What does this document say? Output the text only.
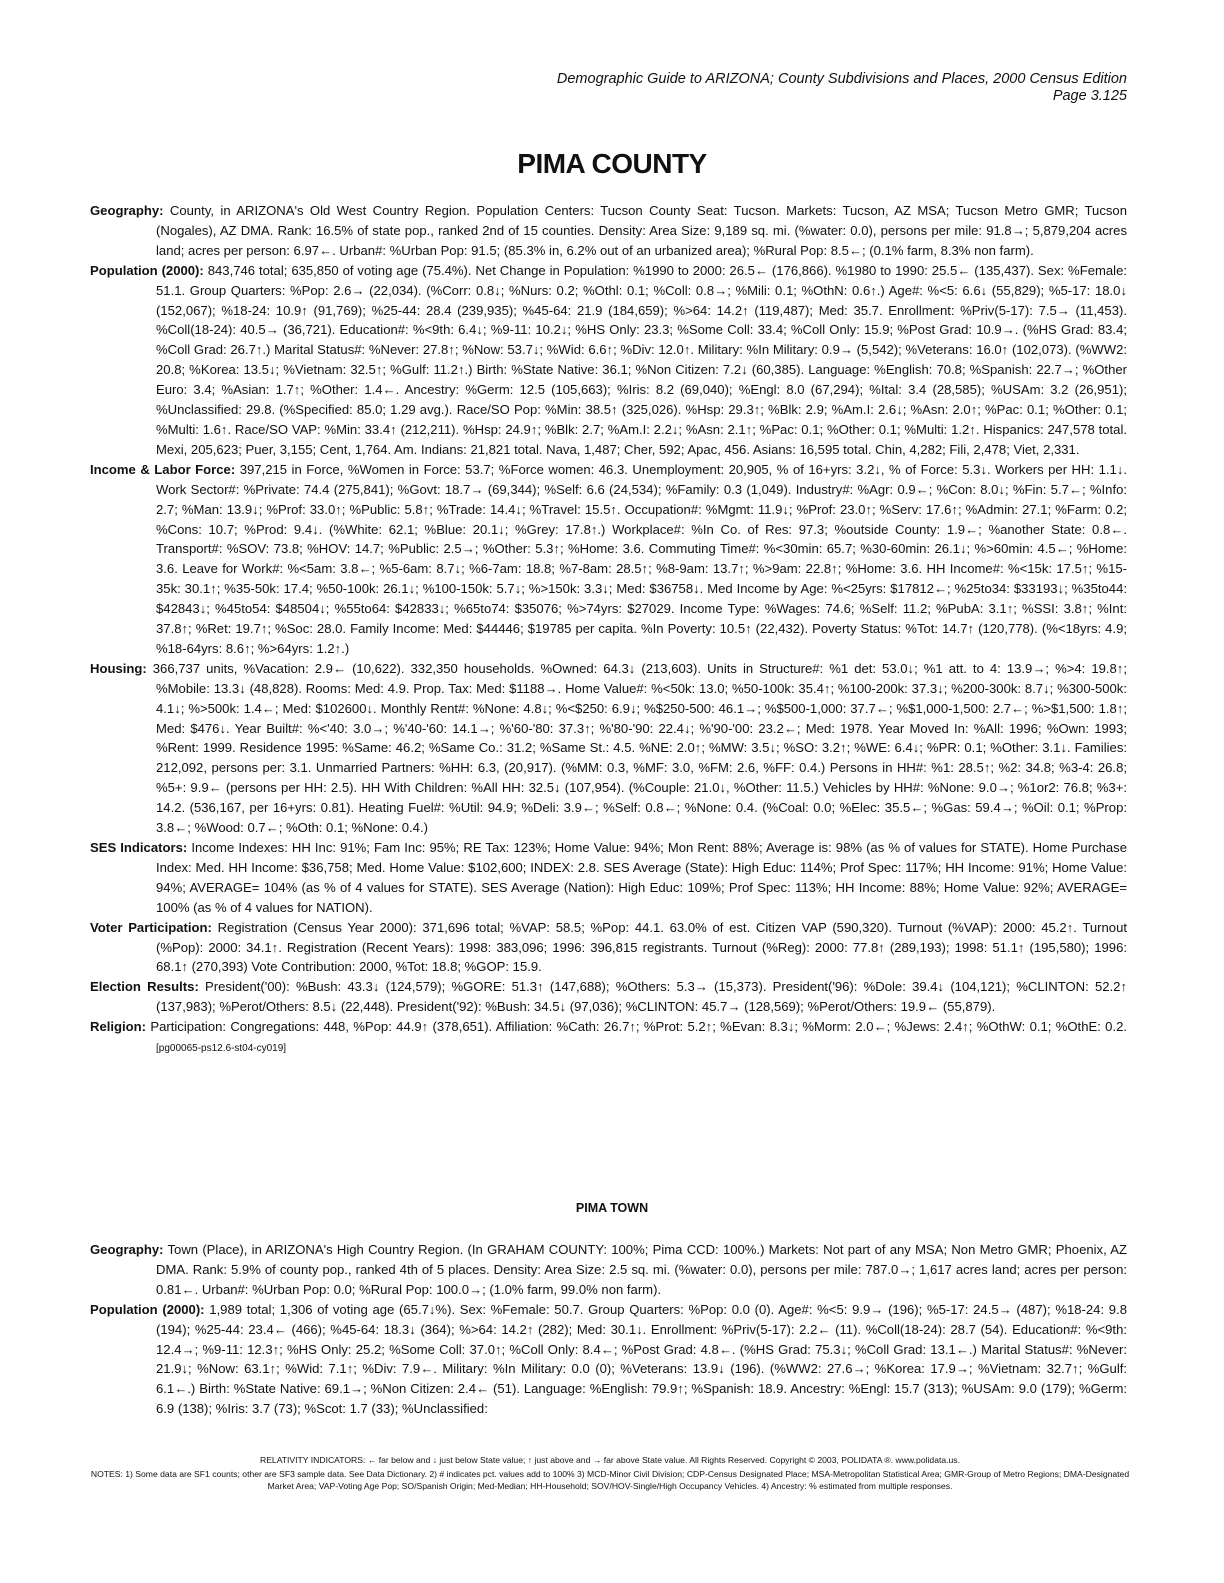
Demographic Guide to ARIZONA; County Subdivisions and Places, 2000 Census Edition
Page 3.125
PIMA COUNTY

Geography: County, in ARIZONA's Old West Country Region. Population Centers: Tucson County Seat: Tucson. Markets: Tucson, AZ MSA; Tucson Metro GMR; Tucson (Nogales), AZ DMA. Rank: 16.5% of state pop., ranked 2nd of 15 counties. Density: Area Size: 9,189 sq. mi. (%water: 0.0), persons per mile: 91.8→; 5,879,204 acres land; acres per person: 6.97←. Urban#: %Urban Pop: 91.5; (85.3% in, 6.2% out of an urbanized area); %Rural Pop: 8.5←; (0.1% farm, 8.3% non farm).

Population (2000): 843,746 total; 635,850 of voting age (75.4%). Net Change in Population: %1990 to 2000: 26.5← (176,866). %1980 to 1990: 25.5← (135,437). Sex: %Female: 51.1. Group Quarters: %Pop: 2.6→ (22,034). (%Corr: 0.8↓; %Nurs: 0.2; %Othl: 0.1; %Coll: 0.8→; %Mili: 0.1; %OthN: 0.6↑.) Age#: %<5: 6.6↓ (55,829); %5-17: 18.0↓ (152,067); %18-24: 10.9↑ (91,769); %25-44: 28.4 (239,935); %45-64: 21.9 (184,659); %>64: 14.2↑ (119,487); Med: 35.7. Enrollment: %Priv(5-17): 7.5→ (11,453). %Coll(18-24): 40.5→ (36,721). Education#: %<9th: 6.4↓; %9-11: 10.2↓; %HS Only: 23.3; %Some Coll: 33.4; %Coll Only: 15.9; %Post Grad: 10.9→. (%HS Grad: 83.4; %Coll Grad: 26.7↑.) Marital Status#: %Never: 27.8↑; %Now: 53.7↓; %Wid: 6.6↑; %Div: 12.0↑. Military: %In Military: 0.9→ (5,542); %Veterans: 16.0↑ (102,073). (%WW2: 20.8; %Korea: 13.5↓; %Vietnam: 32.5↑; %Gulf: 11.2↑.) Birth: %State Native: 36.1; %Non Citizen: 7.2↓ (60,385). Language: %English: 70.8; %Spanish: 22.7→; %Other Euro: 3.4; %Asian: 1.7↑; %Other: 1.4←. Ancestry: %Germ: 12.5 (105,663); %Iris: 8.2 (69,040); %Engl: 8.0 (67,294); %Ital: 3.4 (28,585); %USAm: 3.2 (26,951); %Unclassified: 29.8. (%Specified: 85.0; 1.29 avg.). Race/SO Pop: %Min: 38.5↑ (325,026). %Hsp: 29.3↑; %Blk: 2.9; %Am.I: 2.6↓; %Asn: 2.0↑; %Pac: 0.1; %Other: 0.1; %Multi: 1.6↑. Race/SO VAP: %Min: 33.4↑ (212,211). %Hsp: 24.9↑; %Blk: 2.7; %Am.I: 2.2↓; %Asn: 2.1↑; %Pac: 0.1; %Other: 0.1; %Multi: 1.2↑. Hispanics: 247,578 total. Mexi, 205,623; Puer, 3,155; Cent, 1,764. Am. Indians: 21,821 total. Nava, 1,487; Cher, 592; Apac, 456. Asians: 16,595 total. Chin, 4,282; Fili, 2,478; Viet, 2,331.

Income & Labor Force: 397,215 in Force, %Women in Force: 53.7; %Force women: 46.3. Unemployment: 20,905, % of 16+yrs: 3.2↓, % of Force: 5.3↓. Workers per HH: 1.1↓. Work Sector#: %Private: 74.4 (275,841); %Govt: 18.7→ (69,344); %Self: 6.6 (24,534); %Family: 0.3 (1,049). Industry#: %Agr: 0.9←; %Con: 8.0↓; %Fin: 5.7←; %Info: 2.7; %Man: 13.9↓; %Prof: 33.0↑; %Public: 5.8↑; %Trade: 14.4↓; %Travel: 15.5↑. Occupation#: %Mgmt: 11.9↓; %Prof: 23.0↑; %Serv: 17.6↑; %Admin: 27.1; %Farm: 0.2; %Cons: 10.7; %Prod: 9.4↓. (%White: 62.1; %Blue: 20.1↓; %Grey: 17.8↑.) Workplace#: %In Co. of Res: 97.3; %outside County: 1.9←; %another State: 0.8←. Transport#: %SOV: 73.8; %HOV: 14.7; %Public: 2.5→; %Other: 5.3↑; %Home: 3.6. Commuting Time#: %<30min: 65.7; %30-60min: 26.1↓; %>60min: 4.5←; %Home: 3.6. Leave for Work#: %<5am: 3.8←; %5-6am: 8.7↓; %6-7am: 18.8; %7-8am: 28.5↑; %8-9am: 13.7↑; %>9am: 22.8↑; %Home: 3.6. HH Income#: %<15k: 17.5↑; %15-35k: 30.1↑; %35-50k: 17.4; %50-100k: 26.1↓; %100-150k: 5.7↓; %>150k: 3.3↓; Med: $36758↓. Med Income by Age: %<25yrs: $17812←; %25to34: $33193↓; %35to44: $42843↓; %45to54: $48504↓; %55to64: $42833↓; %65to74: $35076; %>74yrs: $27029. Income Type: %Wages: 74.6; %Self: 11.2; %PubA: 3.1↑; %SSI: 3.8↑; %Int: 37.8↑; %Ret: 19.7↑; %Soc: 28.0. Family Income: Med: $44446; $19785 per capita. %In Poverty: 10.5↑ (22,432). Poverty Status: %Tot: 14.7↑ (120,778). (%<18yrs: 4.9; %18-64yrs: 8.6↑; %>64yrs: 1.2↑.)

Housing: 366,737 units, %Vacation: 2.9← (10,622). 332,350 households. %Owned: 64.3↓ (213,603). Units in Structure#: %1 det: 53.0↓; %1 att. to 4: 13.9→; %>4: 19.8↑; %Mobile: 13.3↓ (48,828). Rooms: Med: 4.9. Prop. Tax: Med: $1188→. Home Value#: %<50k: 13.0; %50-100k: 35.4↑; %100-200k: 37.3↓; %200-300k: 8.7↓; %300-500k: 4.1↓; %>500k: 1.4←; Med: $102600↓. Monthly Rent#: %None: 4.8↓; %<$250: 6.9↓; %$250-500: 46.1→; %$500-1,000: 37.7←; %$1,000-1,500: 2.7←; %>$1,500: 1.8↑; Med: $476↓. Year Built#: %<'40: 3.0→; %'40-'60: 14.1→; %'60-'80: 37.3↑; %'80-'90: 22.4↓; %'90-'00: 23.2←; Med: 1978. Year Moved In: %All: 1996; %Own: 1993; %Rent: 1999. Residence 1995: %Same: 46.2; %Same Co.: 31.2; %Same St.: 4.5. %NE: 2.0↑; %MW: 3.5↓; %SO: 3.2↑; %WE: 6.4↓; %PR: 0.1; %Other: 3.1↓. Families: 212,092, persons per: 3.1. Unmarried Partners: %HH: 6.3, (20,917). (%MM: 0.3, %MF: 3.0, %FM: 2.6, %FF: 0.4.) Persons in HH#: %1: 28.5↑; %2: 34.8; %3-4: 26.8; %5+: 9.9← (persons per HH: 2.5). HH With Children: %All HH: 32.5↓ (107,954). (%Couple: 21.0↓, %Other: 11.5.) Vehicles by HH#: %None: 9.0→; %1or2: 76.8; %3+: 14.2. (536,167, per 16+yrs: 0.81). Heating Fuel#: %Util: 94.9; %Deli: 3.9←; %Self: 0.8←; %None: 0.4. (%Coal: 0.0; %Elec: 35.5←; %Gas: 59.4→; %Oil: 0.1; %Prop: 3.8←; %Wood: 0.7←; %Oth: 0.1; %None: 0.4.)

SES Indicators: Income Indexes: HH Inc: 91%; Fam Inc: 95%; RE Tax: 123%; Home Value: 94%; Mon Rent: 88%; Average is: 98% (as % of values for STATE). Home Purchase Index: Med. HH Income: $36,758; Med. Home Value: $102,600; INDEX: 2.8. SES Average (State): High Educ: 114%; Prof Spec: 117%; HH Income: 91%; Home Value: 94%; AVERAGE= 104% (as % of 4 values for STATE). SES Average (Nation): High Educ: 109%; Prof Spec: 113%; HH Income: 88%; Home Value: 92%; AVERAGE= 100% (as % of 4 values for NATION).

Voter Participation: Registration (Census Year 2000): 371,696 total; %VAP: 58.5; %Pop: 44.1. 63.0% of est. Citizen VAP (590,320). Turnout (%VAP): 2000: 45.2↑. Turnout (%Pop): 2000: 34.1↑. Registration (Recent Years): 1998: 383,096; 1996: 396,815 registrants. Turnout (%Reg): 2000: 77.8↑ (289,193); 1998: 51.1↑ (195,580); 1996: 68.1↑ (270,393) Vote Contribution: 2000, %Tot: 18.8; %GOP: 15.9.

Election Results: President('00): %Bush: 43.3↓ (124,579); %GORE: 51.3↑ (147,688); %Others: 5.3→ (15,373). President('96): %Dole: 39.4↓ (104,121); %CLINTON: 52.2↑ (137,983); %Perot/Others: 8.5↓ (22,448). President('92): %Bush: 34.5↓ (97,036); %CLINTON: 45.7→ (128,569); %Perot/Others: 19.9← (55,879).

Religion: Participation: Congregations: 448, %Pop: 44.9↑ (378,651). Affiliation: %Cath: 26.7↑; %Prot: 5.2↑; %Evan: 8.3↓; %Morm: 2.0←; %Jews: 2.4↑; %OthW: 0.1; %OthE: 0.2. [pg00065-ps12.6-st04-cy019]

PIMA TOWN

Geography: Town (Place), in ARIZONA's High Country Region. (In GRAHAM COUNTY: 100%; Pima CCD: 100%.) Markets: Not part of any MSA; Non Metro GMR; Phoenix, AZ DMA. Rank: 5.9% of county pop., ranked 4th of 5 places. Density: Area Size: 2.5 sq. mi. (%water: 0.0), persons per mile: 787.0→; 1,617 acres land; acres per person: 0.81←. Urban#: %Urban Pop: 0.0; %Rural Pop: 100.0→; (1.0% farm, 99.0% non farm).

Population (2000): 1,989 total; 1,306 of voting age (65.7↓%). Sex: %Female: 50.7. Group Quarters: %Pop: 0.0 (0). Age#: %<5: 9.9→ (196); %5-17: 24.5→ (487); %18-24: 9.8 (194); %25-44: 23.4← (466); %45-64: 18.3↓ (364); %>64: 14.2↑ (282); Med: 30.1↓. Enrollment: %Priv(5-17): 2.2← (11). %Coll(18-24): 28.7 (54). Education#: %<9th: 12.4→; %9-11: 12.3↑; %HS Only: 25.2; %Some Coll: 37.0↑; %Coll Only: 8.4←; %Post Grad: 4.8←. (%HS Grad: 75.3↓; %Coll Grad: 13.1←.) Marital Status#: %Never: 21.9↓; %Now: 63.1↑; %Wid: 7.1↑; %Div: 7.9←. Military: %In Military: 0.0 (0); %Veterans: 13.9↓ (196). (%WW2: 27.6→; %Korea: 17.9→; %Vietnam: 32.7↑; %Gulf: 6.1←.) Birth: %State Native: 69.1→; %Non Citizen: 2.4← (51). Language: %English: 79.9↑; %Spanish: 18.9. Ancestry: %Engl: 15.7 (313); %USAm: 9.0 (179); %Germ: 6.9 (138); %Iris: 3.7 (73); %Scot: 1.7 (33); %Unclassified:

RELATIVITY INDICATORS: ← far below and ↓ just below State value; ↑ just above and → far above State value. All Rights Reserved. Copyright © 2003, POLIDATA ®. www.polidata.us.
NOTES: 1) Some data are SF1 counts; other are SF3 sample data. See Data Dictionary. 2) # indicates pct. values add to 100% 3) MCD-Minor Civil Division; CDP-Census Designated Place; MSA-Metropolitan Statistical Area; GMR-Group of Metro Regions; DMA-Designated Market Area; VAP-Voting Age Pop; SO/Spanish Origin; Med-Median; HH-Household; SOV/HOV-Single/High Occupancy Vehicles. 4) Ancestry: % estimated from multiple responses.
